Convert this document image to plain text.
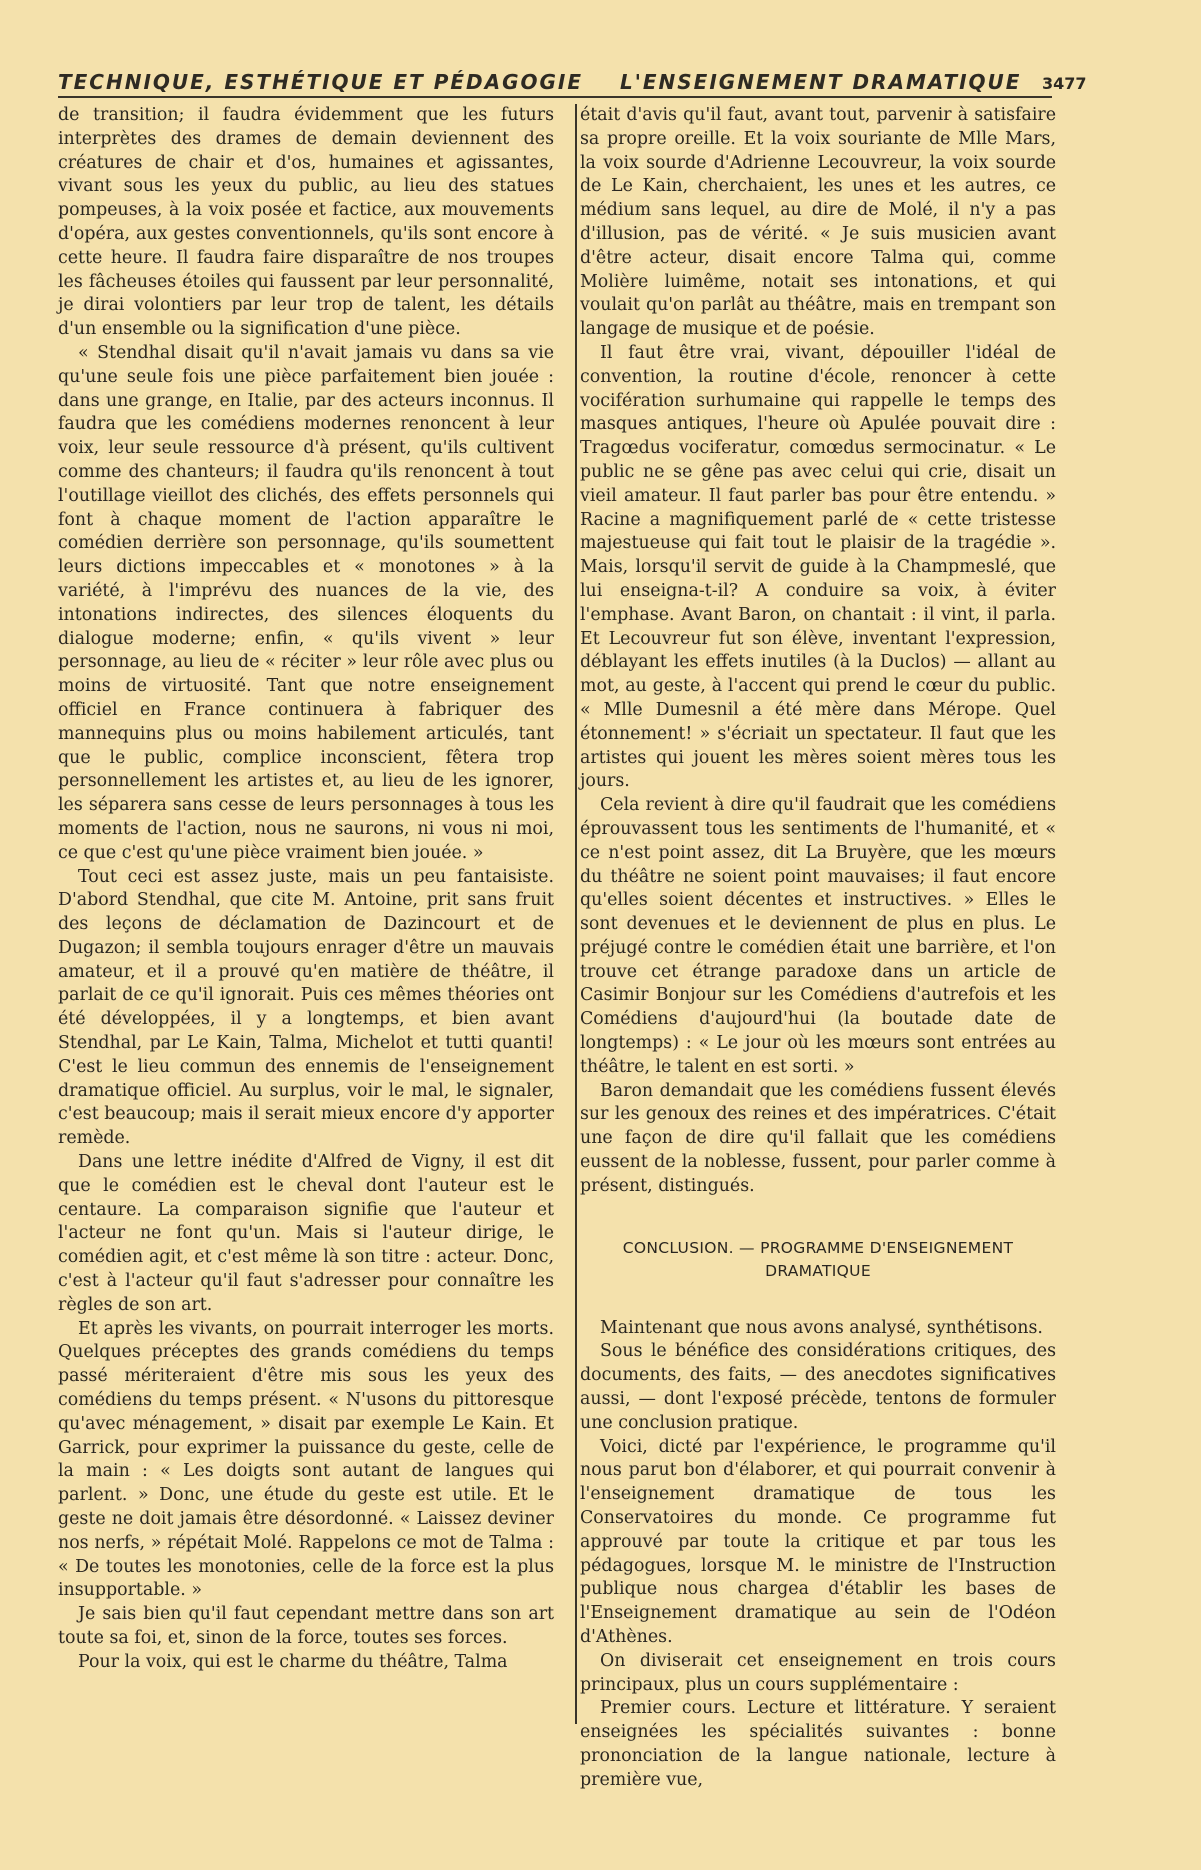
TECHNIQUE, ESTHÉTIQUE ET PÉDAGOGIE L'ENSEIGNEMENT DRAMATIQUE 3477

de transition; il faudra évidemment que les futurs interprètes des drames de demain deviennent des créatures de chair et d'os, humaines et agissantes, vivant sous les yeux du public, au lieu des statues pompeuses, à la voix posée et factice, aux mouvements d'opéra, aux gestes conventionnels, qu'ils sont encore à cette heure. Il faudra faire disparaître de nos troupes les fâcheuses étoiles qui faussent par leur personnalité, je dirai volontiers par leur trop de talent, les détails d'un ensemble ou la signification d'une pièce.

« Stendhal disait qu'il n'avait jamais vu dans sa vie qu'une seule fois une pièce parfaitement bien jouée : dans une grange, en Italie, par des acteurs inconnus. Il faudra que les comédiens modernes renoncent à leur voix, leur seule ressource d'à présent, qu'ils cultivent comme des chanteurs; il faudra qu'ils renoncent à tout l'outillage vieillot des clichés, des effets personnels qui font à chaque moment de l'action apparaître le comédien derrière son personnage, qu'ils soumettent leurs dictions impeccables et « monotones » à la variété, à l'imprévu des nuances de la vie, des intonations indirectes, des silences éloquents du dialogue moderne; enfin, « qu'ils vivent » leur personnage, au lieu de « réciter » leur rôle avec plus ou moins de virtuosité. Tant que notre enseignement officiel en France continuera à fabriquer des mannequins plus ou moins habilement articulés, tant que le public, complice inconscient, fêtera trop personnellement les artistes et, au lieu de les ignorer, les séparera sans cesse de leurs personnages à tous les moments de l'action, nous ne saurons, ni vous ni moi, ce que c'est qu'une pièce vraiment bien jouée. »

Tout ceci est assez juste, mais un peu fantaisiste. D'abord Stendhal, que cite M. Antoine, prit sans fruit des leçons de déclamation de Dazincourt et de Dugazon; il sembla toujours enrager d'être un mauvais amateur, et il a prouvé qu'en matière de théâtre, il parlait de ce qu'il ignorait. Puis ces mêmes théories ont été développées, il y a longtemps, et bien avant Stendhal, par Le Kain, Talma, Michelot et tutti quanti! C'est le lieu commun des ennemis de l'enseignement dramatique officiel. Au surplus, voir le mal, le signaler, c'est beaucoup; mais il serait mieux encore d'y apporter remède.

Dans une lettre inédite d'Alfred de Vigny, il est dit que le comédien est le cheval dont l'auteur est le centaure. La comparaison signifie que l'auteur et l'acteur ne font qu'un. Mais si l'auteur dirige, le comédien agit, et c'est même là son titre : acteur. Donc, c'est à l'acteur qu'il faut s'adresser pour connaître les règles de son art.

Et après les vivants, on pourrait interroger les morts. Quelques préceptes des grands comédiens du temps passé mériteraient d'être mis sous les yeux des comédiens du temps présent. « N'usons du pittoresque qu'avec ménagement, » disait par exemple Le Kain. Et Garrick, pour exprimer la puissance du geste, celle de la main : « Les doigts sont autant de langues qui parlent. » Donc, une étude du geste est utile. Et le geste ne doit jamais être désordonné. « Laissez deviner nos nerfs, » répétait Molé. Rappelons ce mot de Talma : « De toutes les monotonies, celle de la force est la plus insupportable. »

Je sais bien qu'il faut cependant mettre dans son art toute sa foi, et, sinon de la force, toutes ses forces.

Pour la voix, qui est le charme du théâtre, Talma

était d'avis qu'il faut, avant tout, parvenir à satisfaire sa propre oreille. Et la voix souriante de Mlle Mars, la voix sourde d'Adrienne Lecouvreur, la voix sourde de Le Kain, cherchaient, les unes et les autres, ce médium sans lequel, au dire de Molé, il n'y a pas d'illusion, pas de vérité. « Je suis musicien avant d'être acteur, disait encore Talma qui, comme Molière luimême, notait ses intonations, et qui voulait qu'on parlât au théâtre, mais en trempant son langage de musique et de poésie.

Il faut être vrai, vivant, dépouiller l'idéal de convention, la routine d'école, renoncer à cette vocifération surhumaine qui rappelle le temps des masques antiques, l'heure où Apulée pouvait dire : Tragœdus vociferatur, comœdus sermocinatur. « Le public ne se gêne pas avec celui qui crie, disait un vieil amateur. Il faut parler bas pour être entendu. » Racine a magnifiquement parlé de « cette tristesse majestueuse qui fait tout le plaisir de la tragédie ». Mais, lorsqu'il servit de guide à la Champmeslé, que lui enseigna-t-il? A conduire sa voix, à éviter l'emphase. Avant Baron, on chantait : il vint, il parla. Et Lecouvreur fut son élève, inventant l'expression, déblayant les effets inutiles (à la Duclos) — allant au mot, au geste, à l'accent qui prend le cœur du public. « Mlle Dumesnil a été mère dans Mérope. Quel étonnement! » s'écriait un spectateur. Il faut que les artistes qui jouent les mères soient mères tous les jours.

Cela revient à dire qu'il faudrait que les comédiens éprouvassent tous les sentiments de l'humanité, et « ce n'est point assez, dit La Bruyère, que les mœurs du théâtre ne soient point mauvaises; il faut encore qu'elles soient décentes et instructives. » Elles le sont devenues et le deviennent de plus en plus. Le préjugé contre le comédien était une barrière, et l'on trouve cet étrange paradoxe dans un article de Casimir Bonjour sur les Comédiens d'autrefois et les Comédiens d'aujourd'hui (la boutade date de longtemps) : « Le jour où les mœurs sont entrées au théâtre, le talent en est sorti. »

Baron demandait que les comédiens fussent élevés sur les genoux des reines et des impératrices. C'était une façon de dire qu'il fallait que les comédiens eussent de la noblesse, fussent, pour parler comme à présent, distingués.

CONCLUSION. — PROGRAMME D'ENSEIGNEMENT
DRAMATIQUE

Maintenant que nous avons analysé, synthétisons.

Sous le bénéfice des considérations critiques, des documents, des faits, — des anecdotes significatives aussi, — dont l'exposé précède, tentons de formuler une conclusion pratique.

Voici, dicté par l'expérience, le programme qu'il nous parut bon d'élaborer, et qui pourrait convenir à l'enseignement dramatique de tous les Conservatoires du monde. Ce programme fut approuvé par toute la critique et par tous les pédagogues, lorsque M. le ministre de l'Instruction publique nous chargea d'établir les bases de l'Enseignement dramatique au sein de l'Odéon d'Athènes.

On diviserait cet enseignement en trois cours principaux, plus un cours supplémentaire :

Premier cours. Lecture et littérature. Y seraient enseignées les spécialités suivantes : bonne prononciation de la langue nationale, lecture à première vue,
